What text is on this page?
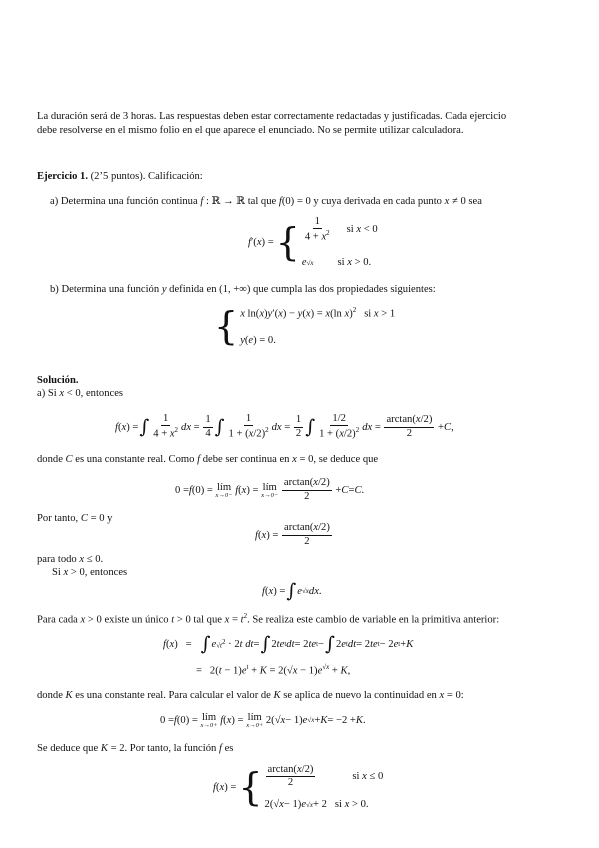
La duración será de 3 horas. Las respuestas deben estar correctamente redactadas y justificadas. Cada ejercicio
debe resolverse en el mismo folio en el que aparece el enunciado. No se permite utilizar calculadora.
Ejercicio 1. (2’5 puntos). Calificación:
a) Determina una función continua f : ℝ → ℝ tal que f(0) = 0 y cuya derivada en cada punto x ≠ 0 sea
f′(x) = { $\frac{1}{4 + x^2}$ si x < 0
e √x si x > 0.
b) Determina una función y definida en (1, +∞) que cumpla las dos propiedades siguientes:
{ x ln(x)y′(x) − y(x) = x(ln x)$^2$ si x > 1
y(e) = 0.
Solución.
a) Si x < 0, entonces
f ( x ) = ∫ $\frac{1}{4 + x^2}$ dx = $\frac{1}{4}$ ∫ $\frac{1}{1 + (x/2)^2}$ dx = $\frac{1}{2}$ ∫ $\frac{1/2}{1 + (x/2)^2}$ dx = $\frac{\arctan(x/2)}{2} + C$ ,
donde C es una constante real. Como f debe ser continua en x = 0, se deduce que
0 = f (0) = lím
x→0−
f ( x ) = lím
x→0−
$\frac{\arctan(x/2)}{2} + C = C$ .
Por tanto, C = 0 y
f ( x ) = $\frac{\arctan(x/2)}{2}$
para todo x ≤ 0.
Si x > 0, entonces
f ( x ) = ∫ e √x dx .
Para cada x > 0 existe un único t > 0 tal que $x = t^2$. Se realiza este cambio de variable en la primitiva anterior:
f ( x )   = ∫ e $√t^2 \cdot 2$ t dt = ∫ 2 te t dt = 2 te t − ∫ 2 e t dt = 2 te t − 2 e t + K
=   $2(t - 1)e^t + K = 2(√x - 1)e^{√x} + K$,
donde K es una constante real. Para calcular el valor de K se aplica de nuevo la continuidad en x = 0:
0 = f (0) = lím
x→0+
f ( x ) = lím
x→0+ 2(√ x − 1) e √x + K = −2 + K .
Se deduce que K = 2. Por tanto, la función f es
f ( x ) = { $\frac{\arctan(x/2)}{2}$	si x ≤ 0
2(√ x − 1) e √x + 2 si x > 0.
